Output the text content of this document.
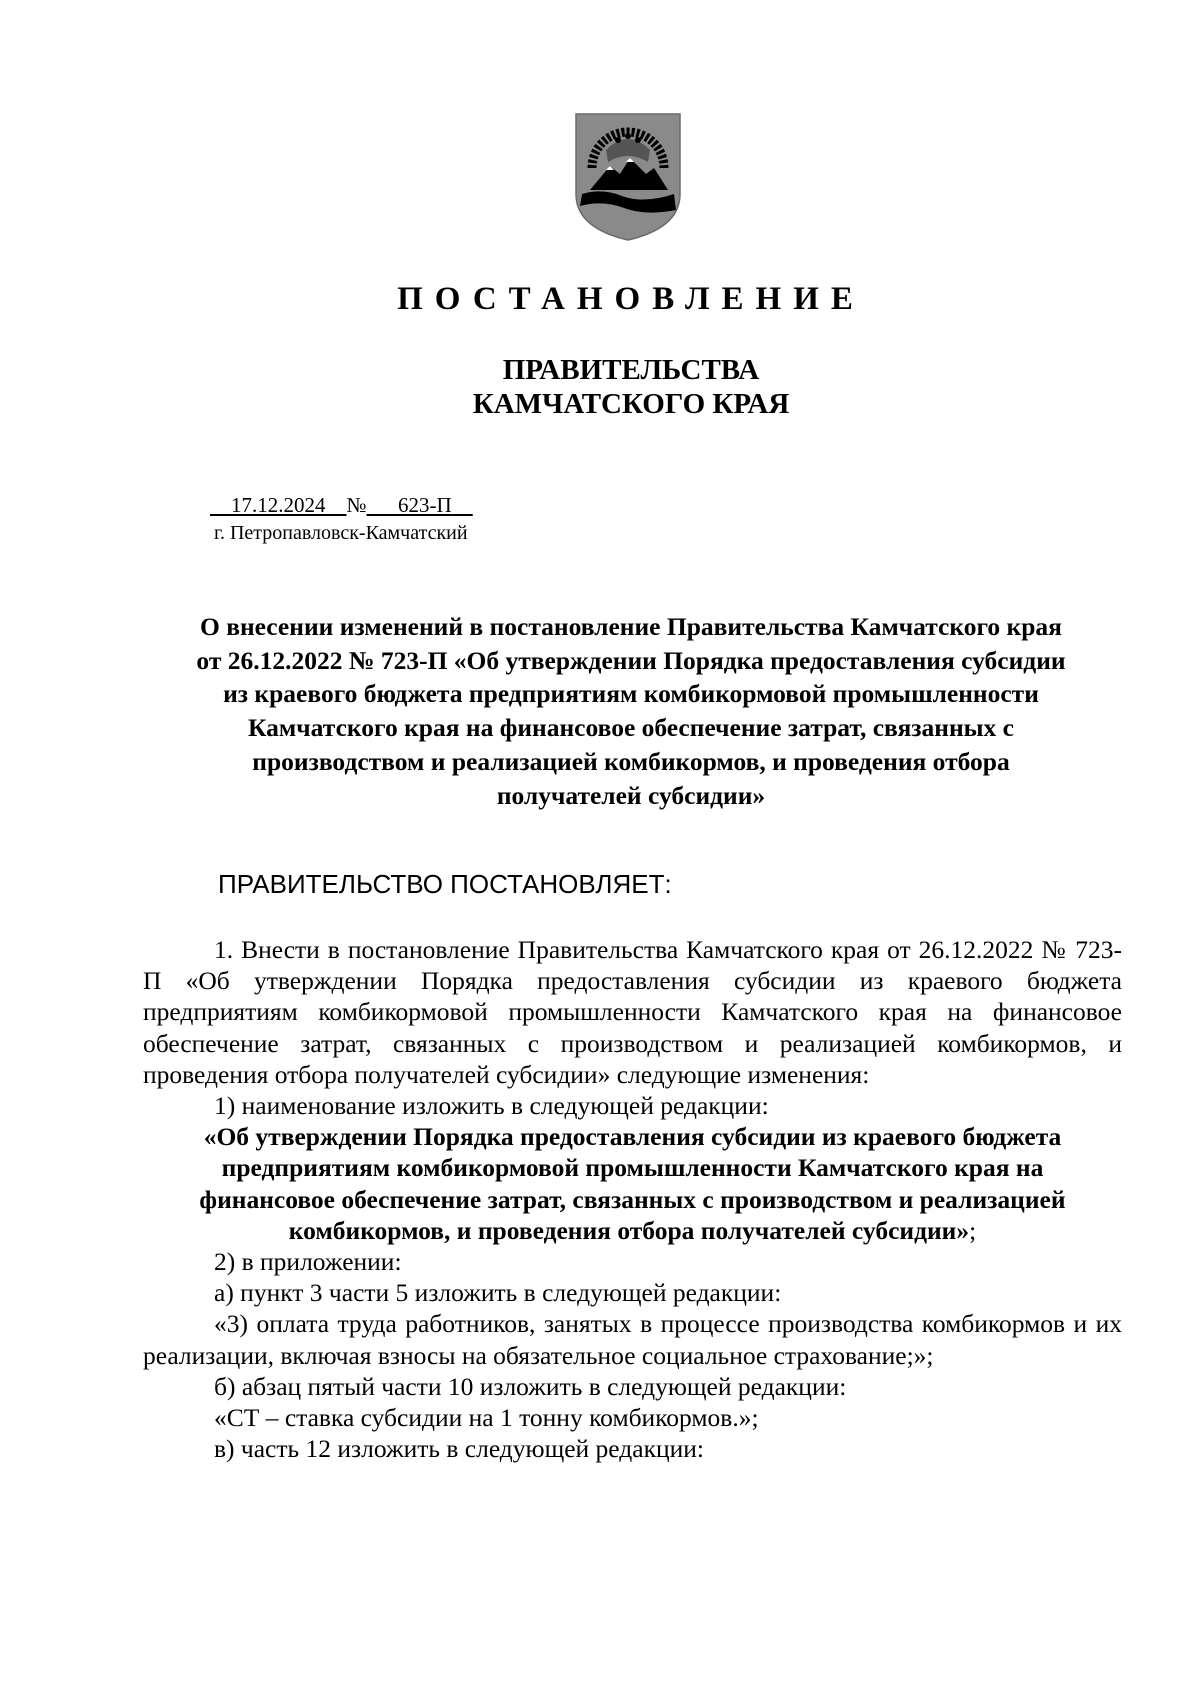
ПОСТАНОВЛЕНИЕ
ПРАВИТЕЛЬСТВА
КАМЧАТСКОГО КРАЯ
17.12.2024 № 623-П
г. Петропавловск-Камчатский
О внесении изменений в постановление Правительства Камчатского края
от 26.12.2022 № 723-П «Об утверждении Порядка предоставления субсидии
из краевого бюджета предприятиям комбикормовой промышленности
Камчатского края на финансовое обеспечение затрат, связанных с
производством и реализацией комбикормов, и проведения отбора
получателей субсидии»
ПРАВИТЕЛЬСТВО ПОСТАНОВЛЯЕТ:

1. Внести в постановление Правительства Камчатского края от 26.12.2022 № 723-П «Об утверждении Порядка предоставления субсидии из краевого бюджета предприятиям комбикормовой промышленности Камчатского края на финансовое обеспечение затрат, связанных с производством и реализацией комбикормов, и проведения отбора получателей субсидии» следующие изменения:

1) наименование изложить в следующей редакции:

«Об утверждении Порядка предоставления субсидии из краевого бюджета
предприятиям комбикормовой промышленности Камчатского края на
финансовое обеспечение затрат, связанных с производством и реализацией
комбикормов, и проведения отбора получателей субсидии»;

2) в приложении:

а) пункт 3 части 5 изложить в следующей редакции:

«3) оплата труда работников, занятых в процессе производства комбикормов и их реализации, включая взносы на обязательное социальное страхование;»;

б) абзац пятый части 10 изложить в следующей редакции:

«СТ – ставка субсидии на 1 тонну комбикормов.»;

в) часть 12 изложить в следующей редакции:
